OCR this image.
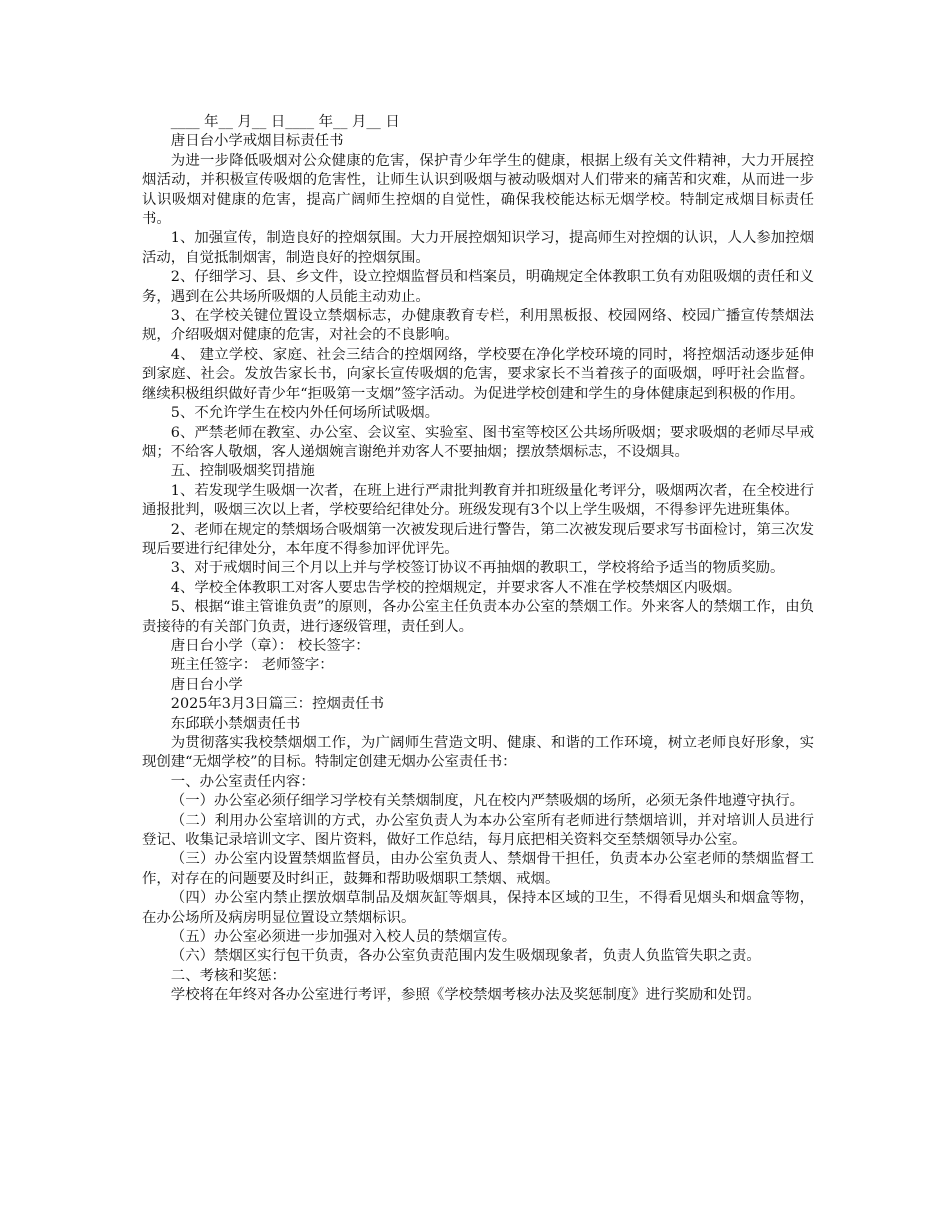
____ 年__ 月__ 日____ 年__ 月__ 日

唐日台小学戒烟目标责任书

为进一步降低吸烟对公众健康的危害，保护青少年学生的健康，根据上级有关文件精神，大力开展控烟活动，并积极宣传吸烟的危害性，让师生认识到吸烟与被动吸烟对人们带来的痛苦和灾难，从而进一步认识吸烟对健康的危害，提高广阔师生控烟的自觉性，确保我校能达标无烟学校。特制定戒烟目标责任书。

1、加强宣传，制造良好的控烟氛围。大力开展控烟知识学习，提高师生对控烟的认识，人人参加控烟活动，自觉抵制烟害，制造良好的控烟氛围。

2、仔细学习、县、乡文件，设立控烟监督员和档案员，明确规定全体教职工负有劝阻吸烟的责任和义务，遇到在公共场所吸烟的人员能主动劝止。

3、在学校关键位置设立禁烟标志，办健康教育专栏，利用黑板报、校园网络、校园广播宣传禁烟法规，介绍吸烟对健康的危害，对社会的不良影响。

4、 建立学校、家庭、社会三结合的控烟网络，学校要在净化学校环境的同时，将控烟活动逐步延伸到家庭、社会。发放告家长书，向家长宣传吸烟的危害，要求家长不当着孩子的面吸烟，呼吁社会监督。继续积极组织做好青少年“拒吸第一支烟”签字活动。为促进学校创建和学生的身体健康起到积极的作用。

5、不允许学生在校内外任何场所试吸烟。

6、严禁老师在教室、办公室、会议室、实验室、图书室等校区公共场所吸烟；要求吸烟的老师尽早戒烟；不给客人敬烟，客人递烟婉言谢绝并劝客人不要抽烟；摆放禁烟标志，不设烟具。

五、控制吸烟奖罚措施

1、若发现学生吸烟一次者，在班上进行严肃批判教育并扣班级量化考评分，吸烟两次者，在全校进行通报批判，吸烟三次以上者，学校要给纪律处分。班级发现有3个以上学生吸烟，不得参评先进班集体。

2、老师在规定的禁烟场合吸烟第一次被发现后进行警告，第二次被发现后要求写书面检讨，第三次发现后要进行纪律处分，本年度不得参加评优评先。

3、对于戒烟时间三个月以上并与学校签订协议不再抽烟的教职工，学校将给予适当的物质奖励。

4、学校全体教职工对客人要忠告学校的控烟规定，并要求客人不准在学校禁烟区内吸烟。

5、根据“谁主管谁负责”的原则，各办公室主任负责本办公室的禁烟工作。外来客人的禁烟工作，由负责接待的有关部门负责，进行逐级管理，责任到人。

唐日台小学（章）： 校长签字：

班主任签字： 老师签字：

唐日台小学

2025年3月3日篇三：控烟责任书

东邱联小禁烟责任书

为贯彻落实我校禁烟烟工作，为广阔师生营造文明、健康、和谐的工作环境，树立老师良好形象，实现创建“无烟学校”的目标。特制定创建无烟办公室责任书：

一、办公室责任内容：

（一）办公室必须仔细学习学校有关禁烟制度，凡在校内严禁吸烟的场所，必须无条件地遵守执行。

（二）利用办公室培训的方式，办公室负责人为本办公室所有老师进行禁烟培训，并对培训人员进行登记、收集记录培训文字、图片资料，做好工作总结，每月底把相关资料交至禁烟领导办公室。

（三）办公室内设置禁烟监督员，由办公室负责人、禁烟骨干担任，负责本办公室老师的禁烟监督工作，对存在的问题要及时纠正，鼓舞和帮助吸烟职工禁烟、戒烟。

（四）办公室内禁止摆放烟草制品及烟灰缸等烟具，保持本区域的卫生，不得看见烟头和烟盒等物，在办公场所及病房明显位置设立禁烟标识。

（五）办公室必须进一步加强对入校人员的禁烟宣传。

（六）禁烟区实行包干负责，各办公室负责范围内发生吸烟现象者，负责人负监管失职之责。

二、考核和奖惩：

学校将在年终对各办公室进行考评，参照《学校禁烟考核办法及奖惩制度》进行奖励和处罚。
